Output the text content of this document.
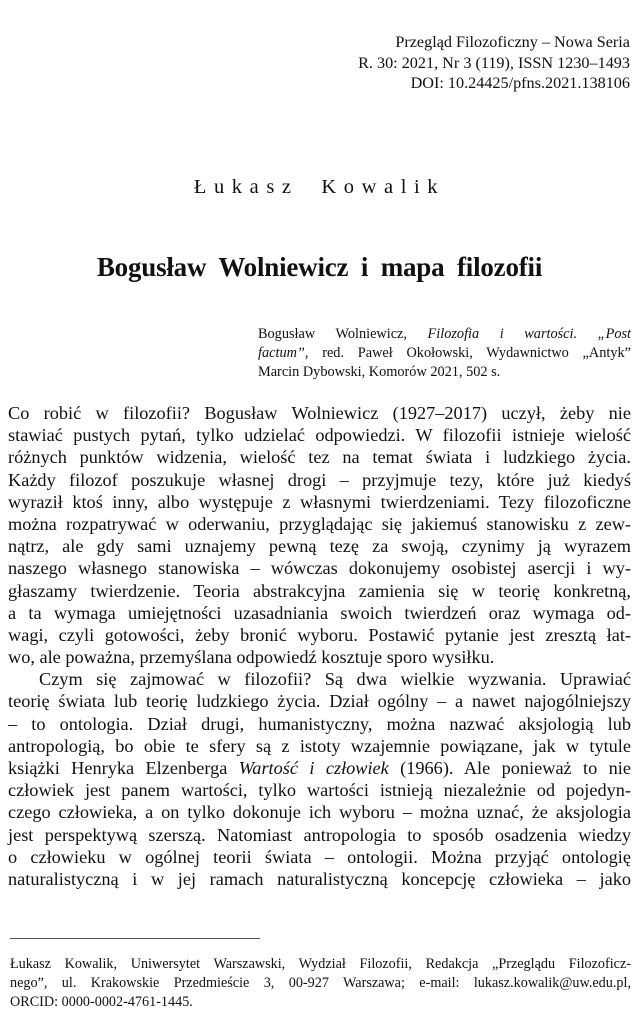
Przegląd Filozoficzny – Nowa Seria
R. 30: 2021, Nr 3 (119), ISSN 1230–1493
DOI: 10.24425/pfns.2021.138106
Łukasz Kowalik
Bogusław Wolniewicz i mapa filozofii
Bogusław Wolniewicz, Filozofia i wartości. „Post
factum”, red. Paweł Okołowski, Wydawnictwo „Antyk”
Marcin Dybowski, Komorów 2021, 502 s.
Co robić w filozofii? Bogusław Wolniewicz (1927–2017) uczył, żeby nie
stawiać pustych pytań, tylko udzielać odpowiedzi. W filozofii istnieje wielość
różnych punktów widzenia, wielość tez na temat świata i ludzkiego życia.
Każdy filozof poszukuje własnej drogi – przyjmuje tezy, które już kiedyś
wyraził ktoś inny, albo występuje z własnymi twierdzeniami. Tezy filozoficzne
można rozpatrywać w oderwaniu, przyglądając się jakiemuś stanowisku z zew-
nątrz, ale gdy sami uznajemy pewną tezę za swoją, czynimy ją wyrazem
naszego własnego stanowiska – wówczas dokonujemy osobistej asercji i wy-
głaszamy twierdzenie. Teoria abstrakcyjna zamienia się w teorię konkretną,
a ta wymaga umiejętności uzasadniania swoich twierdzeń oraz wymaga od-
wagi, czyli gotowości, żeby bronić wyboru. Postawić pytanie jest zresztą łat-
wo, ale poważna, przemyślana odpowiedź kosztuje sporo wysiłku.
Czym się zajmować w filozofii? Są dwa wielkie wyzwania. Uprawiać
teorię świata lub teorię ludzkiego życia. Dział ogólny – a nawet najogólniejszy
– to ontologia. Dział drugi, humanistyczny, można nazwać aksjologią lub
antropologią, bo obie te sfery są z istoty wzajemnie powiązane, jak w tytule
książki Henryka Elzenberga Wartość i człowiek (1966). Ale ponieważ to nie
człowiek jest panem wartości, tylko wartości istnieją niezależnie od pojedyn-
czego człowieka, a on tylko dokonuje ich wyboru – można uznać, że aksjologia
jest perspektywą szerszą. Natomiast antropologia to sposób osadzenia wiedzy
o człowieku w ogólnej teorii świata – ontologii. Można przyjąć ontologię
naturalistyczną i w jej ramach naturalistyczną koncepcję człowieka – jako
Łukasz Kowalik, Uniwersytet Warszawski, Wydział Filozofii, Redakcja „Przeglądu Filozoficz-
nego”, ul. Krakowskie Przedmieście 3, 00-927 Warszawa; e-mail: lukasz.kowalik@uw.edu.pl,
ORCID: 0000-0002-4761-1445.
